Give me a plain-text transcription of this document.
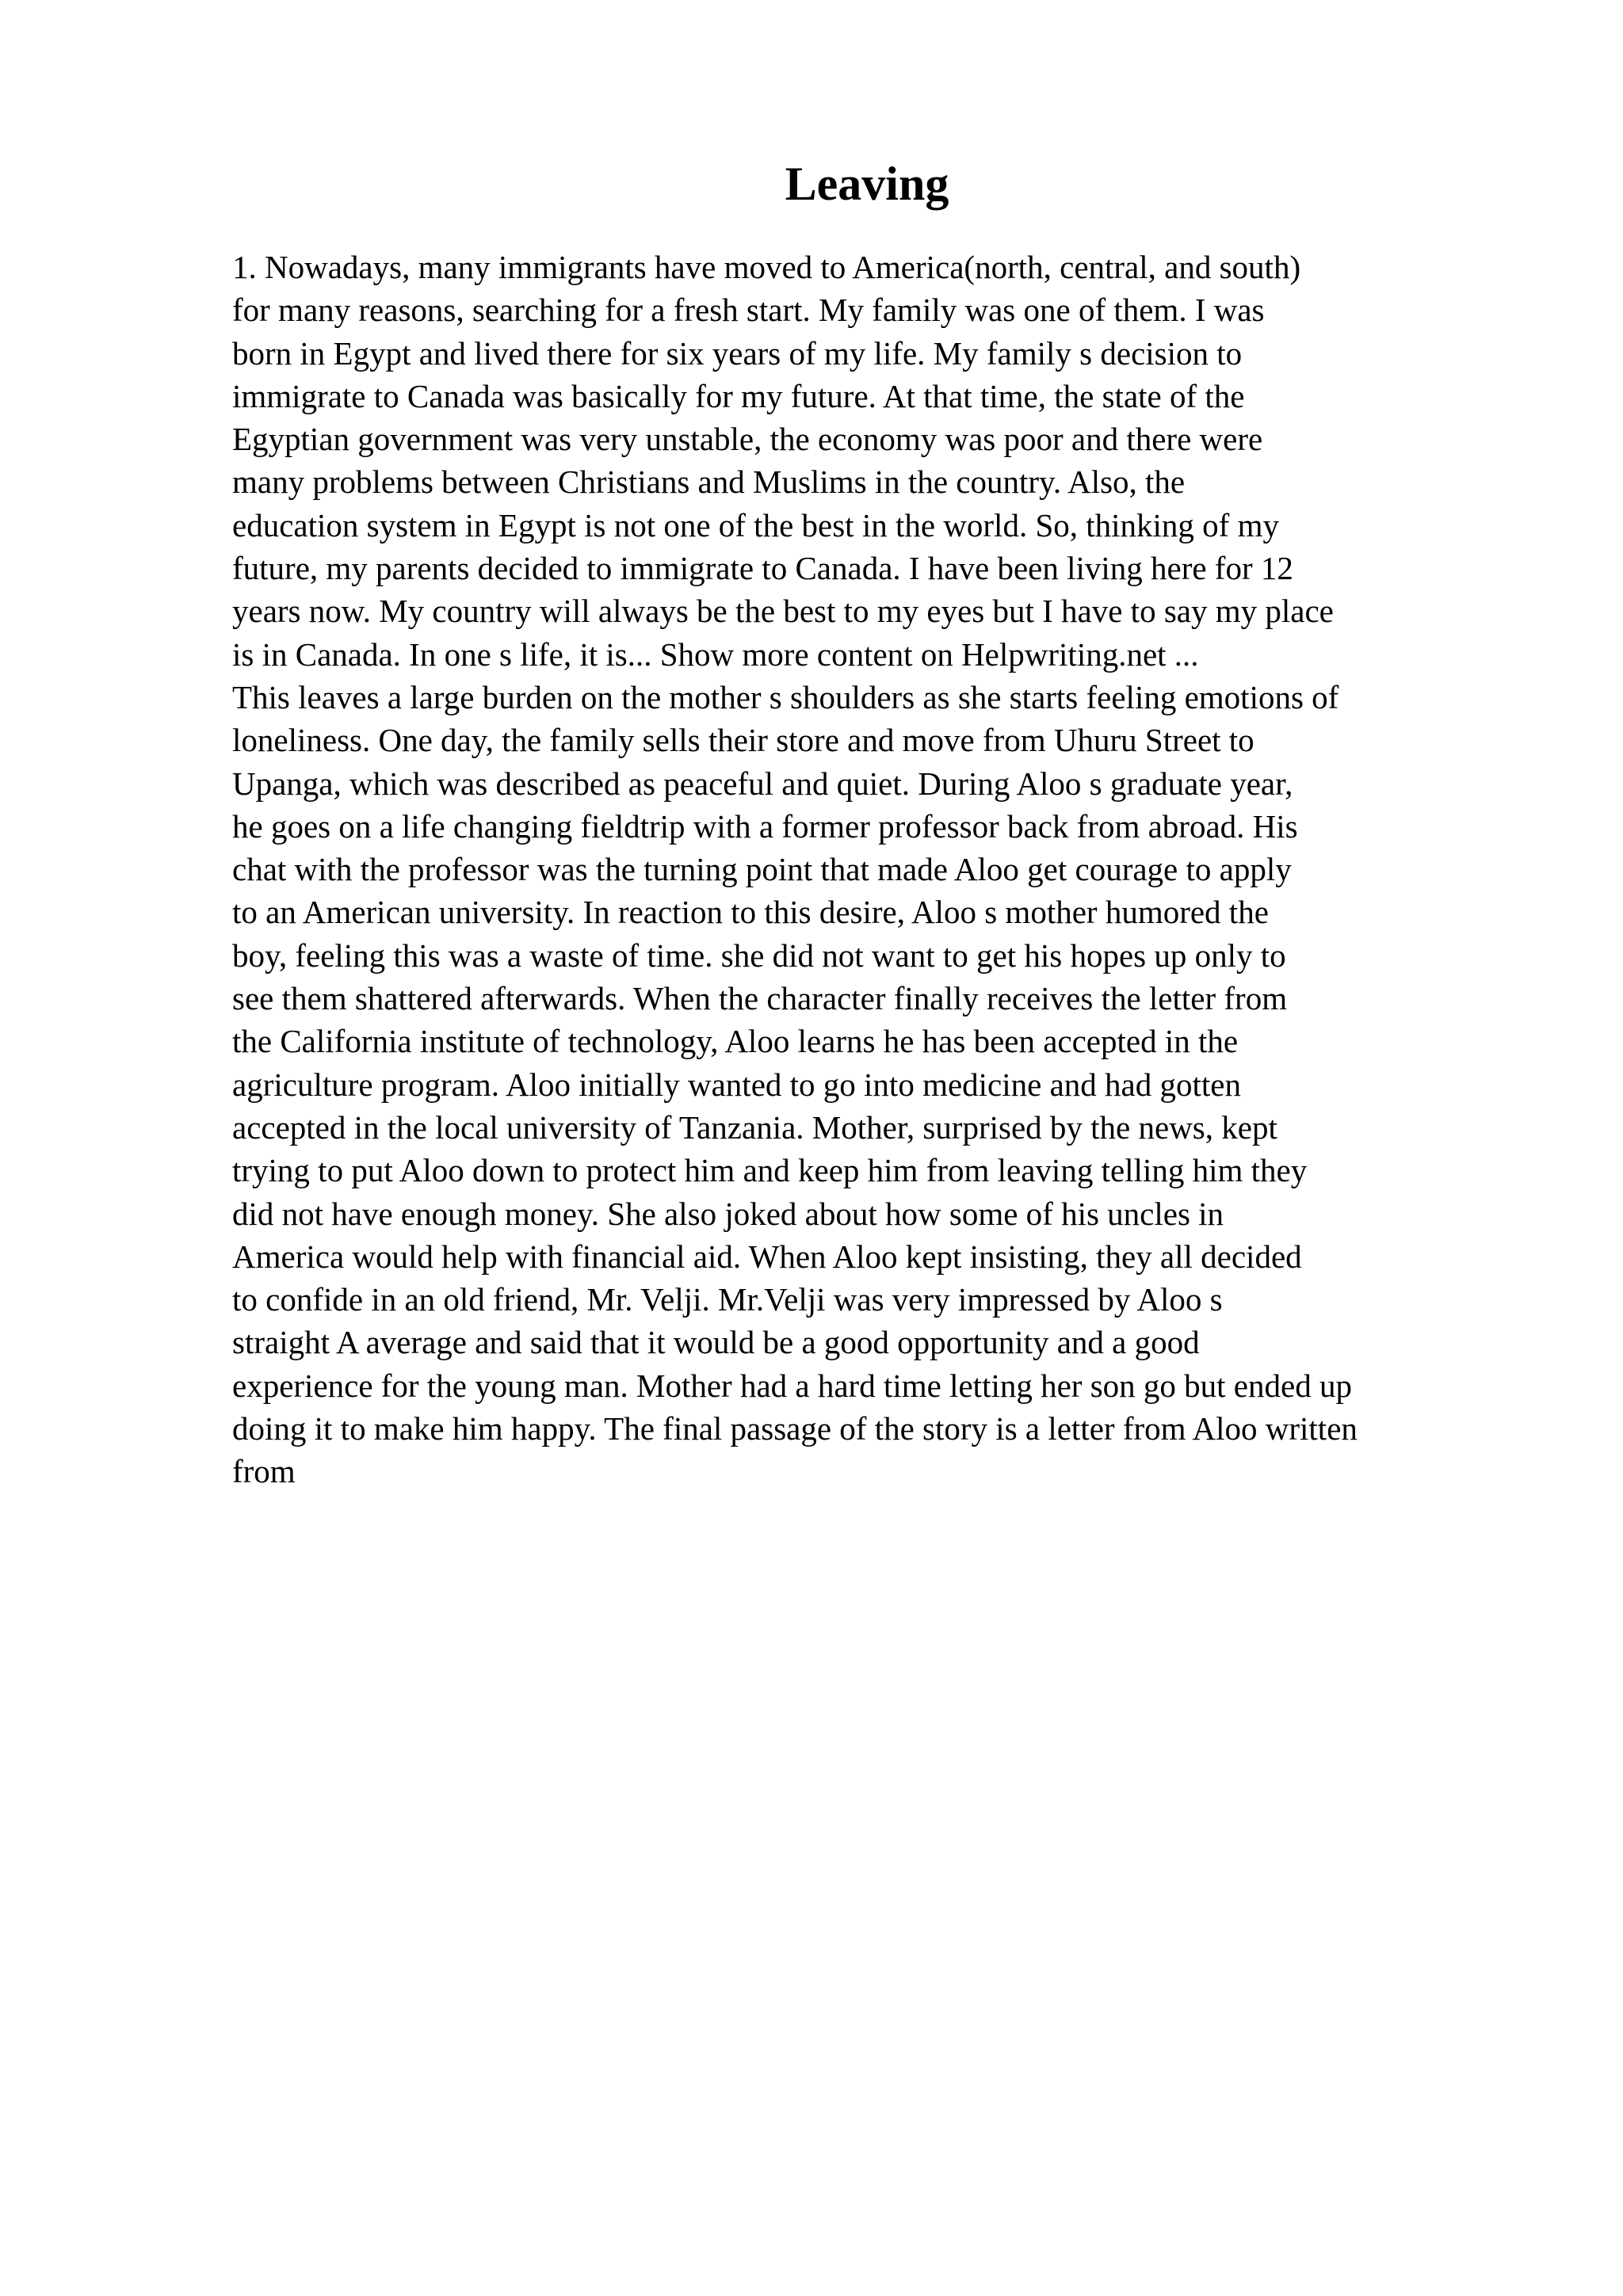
Leaving
1. Nowadays, many immigrants have moved to America(north, central, and south)
for many reasons, searching for a fresh start. My family was one of them. I was
born in Egypt and lived there for six years of my life. My family s decision to
immigrate to Canada was basically for my future. At that time, the state of the
Egyptian government was very unstable, the economy was poor and there were
many problems between Christians and Muslims in the country. Also, the
education system in Egypt is not one of the best in the world. So, thinking of my
future, my parents decided to immigrate to Canada. I have been living here for 12
years now. My country will always be the best to my eyes but I have to say my place
is in Canada. In one s life, it is... Show more content on Helpwriting.net ...
This leaves a large burden on the mother s shoulders as she starts feeling emotions of
loneliness. One day, the family sells their store and move from Uhuru Street to
Upanga, which was described as peaceful and quiet. During Aloo s graduate year,
he goes on a life changing fieldtrip with a former professor back from abroad. His
chat with the professor was the turning point that made Aloo get courage to apply
to an American university. In reaction to this desire, Aloo s mother humored the
boy, feeling this was a waste of time. she did not want to get his hopes up only to
see them shattered afterwards. When the character finally receives the letter from
the California institute of technology, Aloo learns he has been accepted in the
agriculture program. Aloo initially wanted to go into medicine and had gotten
accepted in the local university of Tanzania. Mother, surprised by the news, kept
trying to put Aloo down to protect him and keep him from leaving telling him they
did not have enough money. She also joked about how some of his uncles in
America would help with financial aid. When Aloo kept insisting, they all decided
to confide in an old friend, Mr. Velji. Mr.Velji was very impressed by Aloo s
straight A average and said that it would be a good opportunity and a good
experience for the young man. Mother had a hard time letting her son go but ended up
doing it to make him happy. The final passage of the story is a letter from Aloo written
from
